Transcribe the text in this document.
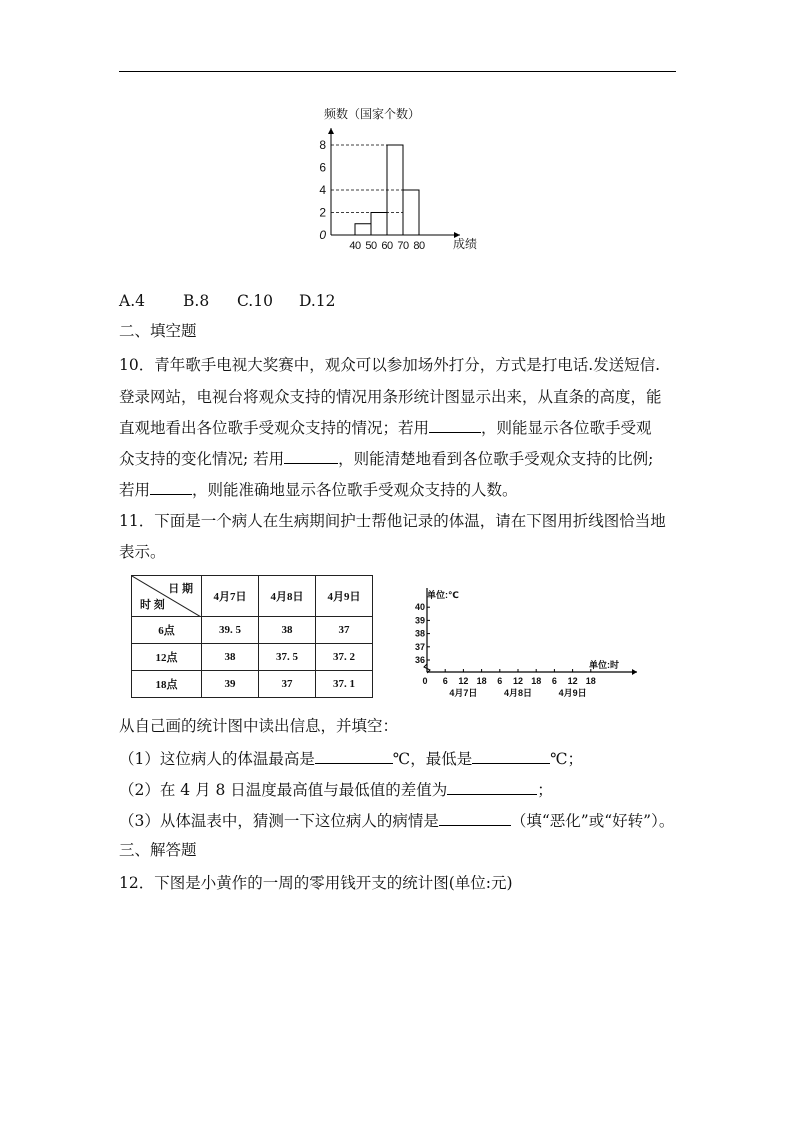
频数（国家个数）
0
2
4
6
8
40 50 60 70 80 成绩
A.4 B.8 C.10 D.12
二、填空题
10．青年歌手电视大奖赛中，观众可以参加场外打分，方式是打电话.发送短信.
登录网站，电视台将观众支持的情况用条形统计图显示出来，从直条的高度，能
直观地看出各位歌手受观众支持的情况；若用	，则能显示各位歌手受观
众支持的变化情况; 若用	，则能清楚地看到各位歌手受观众支持的比例;
若用	，则能准确地显示各位歌手受观众支持的人数。
11．下面是一个病人在生病期间护士帮他记录的体温，请在下图用折线图恰当地
表示。
日 期
时 刻	4月7日	4月8日	4月9日
6点	39. 5	38	37
12点	38	37. 5	37. 2
18点	39	37	37. 1
单位:℃
单位:时
36
37
38
39
40
0 6 12 18 6 12 18 6 12 18
4月7日	4月8日	4月9日
从自己画的统计图中读出信息，并填空：
（1）这位病人的体温最高是	℃，最低是	℃；
（2）在 4 月 8 日温度最高值与最低值的差值为	；
（3）从体温表中，猜测一下这位病人的病情是	（填“恶化”或“好转”）。
三、解答题
12．下图是小黄作的一周的零用钱开支的统计图(单位:元)
